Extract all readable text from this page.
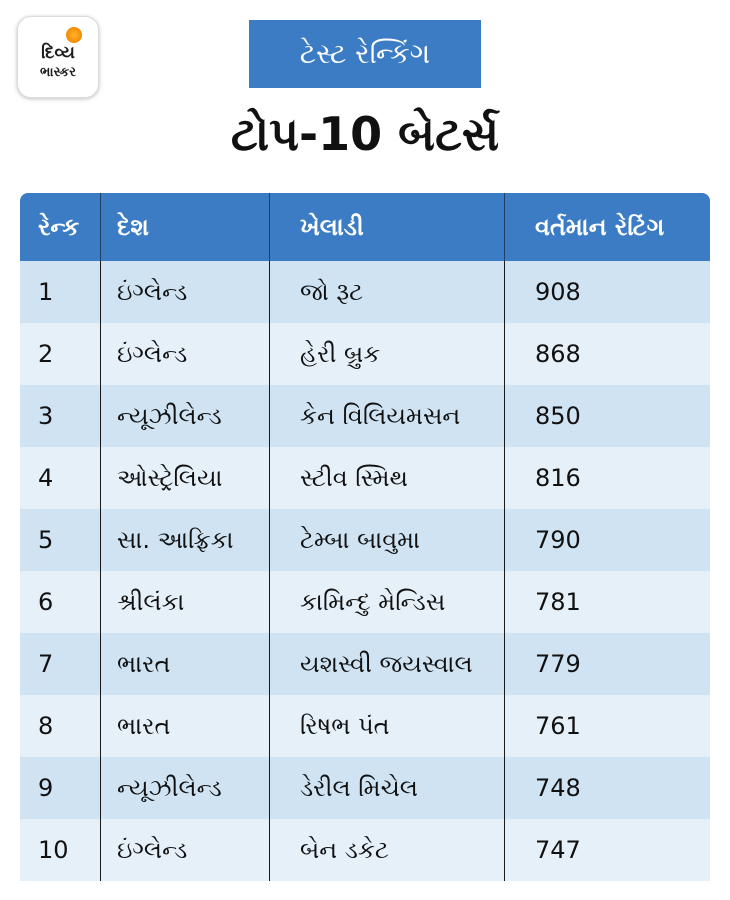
દિવ્ય
ભાસ્કર
ટેસ્ટ રેન્કિંગ
ટોપ-10 બેટર્સ
રેન્ક	દેશ	ખેલાડી	વર્તમાન રેટિંગ
1	ઇંગ્લેન્ડ	જો રૂટ	908
2	ઇંગ્લેન્ડ	હેરી બ્રુક	868
3	ન્યૂઝીલેન્ડ	કેન વિલિયમસન	850
4	ઓસ્ટ્રેલિયા	સ્ટીવ સ્મિથ	816
5	સા. આફ્રિકા	ટેમ્બા બાવુમા	790
6	શ્રીલંકા	કામિન્દુ મેન્ડિસ	781
7	ભારત	યશસ્વી જયસ્વાલ	779
8	ભારત	રિષભ પંત	761
9	ન્યૂઝીલેન્ડ	ડેરીલ મિચેલ	748
10	ઇંગ્લેન્ડ	બેન ડકેટ	747
